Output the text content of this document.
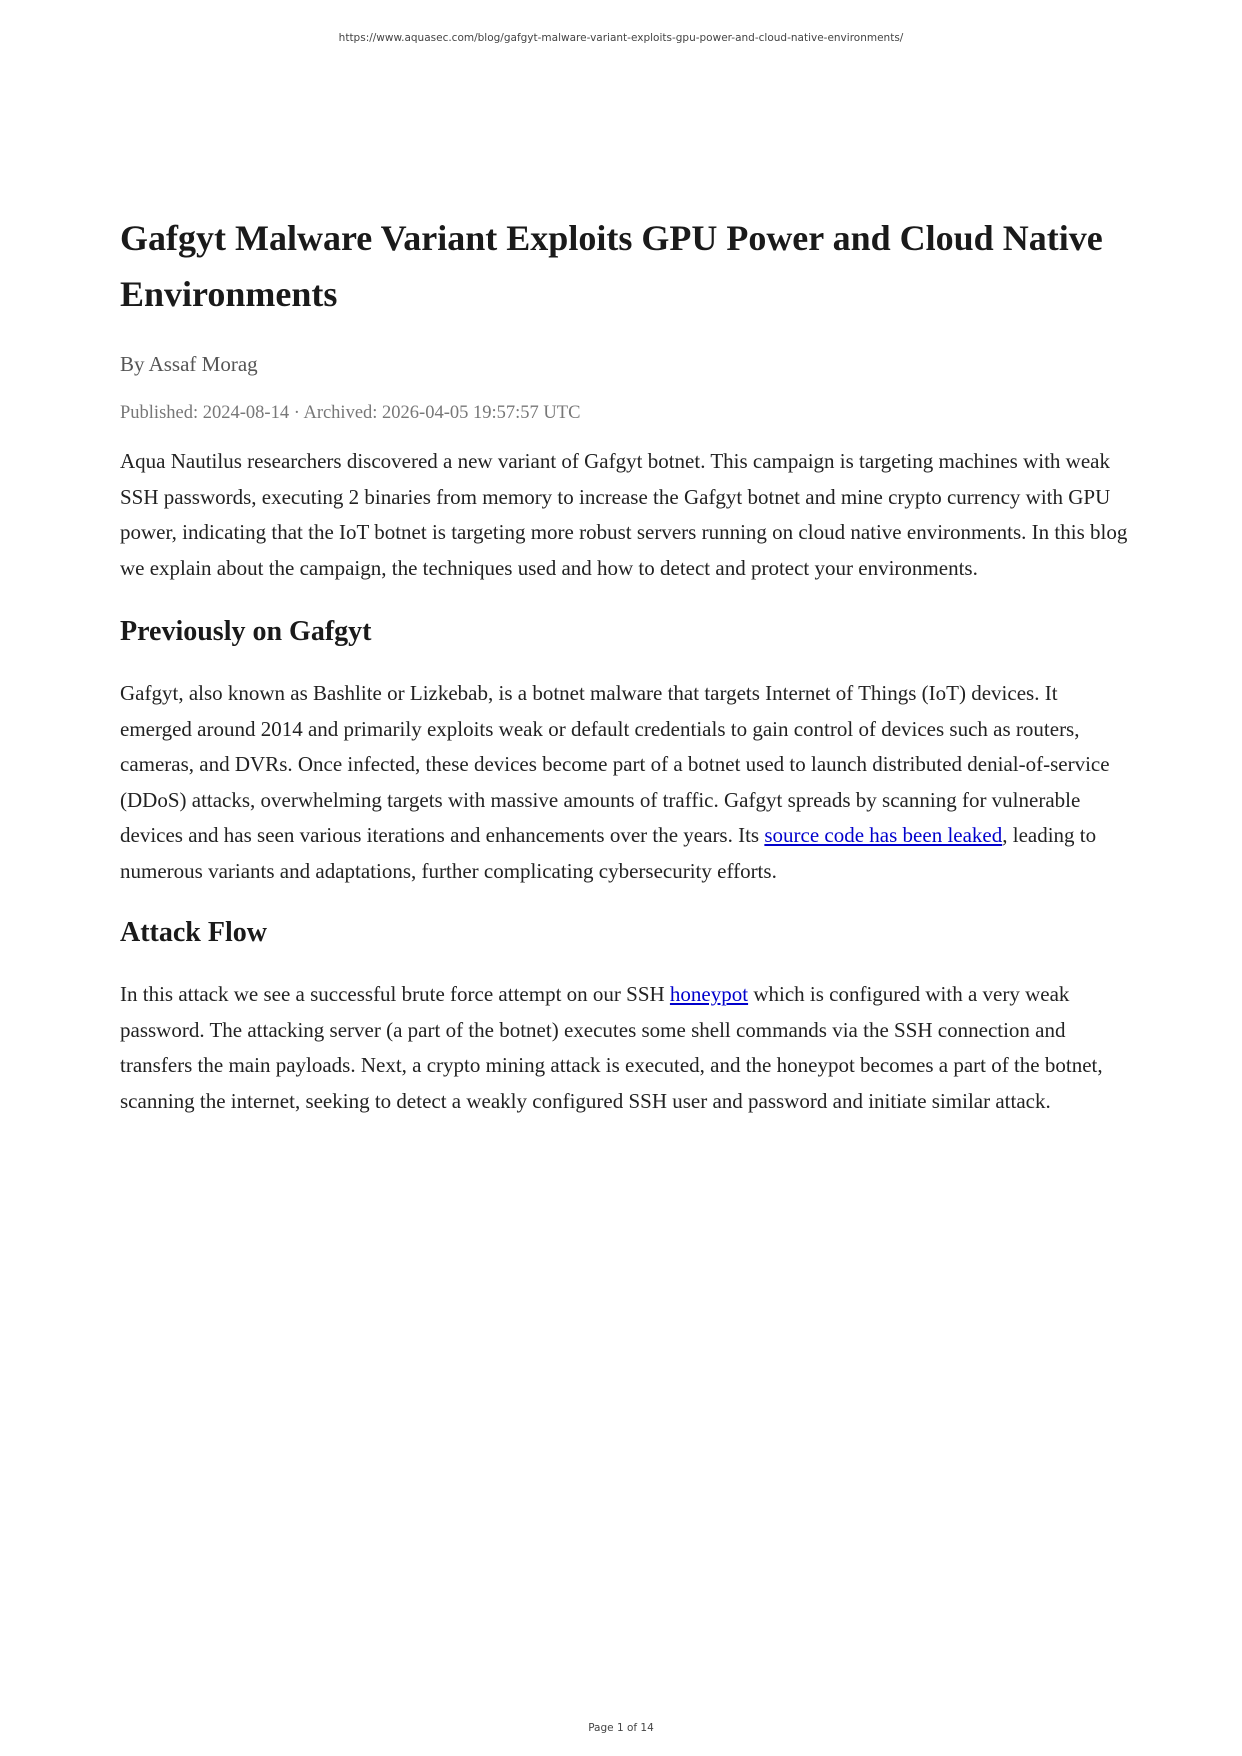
https://www.aquasec.com/blog/gafgyt-malware-variant-exploits-gpu-power-and-cloud-native-environments/
Gafgyt Malware Variant Exploits GPU Power and Cloud Native Environments
By Assaf Morag
Published: 2024-08-14 · Archived: 2026-04-05 19:57:57 UTC

Aqua Nautilus researchers discovered a new variant of Gafgyt botnet. This campaign is targeting machines with weak SSH passwords, executing 2 binaries from memory to increase the Gafgyt botnet and mine crypto currency with GPU power, indicating that the IoT botnet is targeting more robust servers running on cloud native environments. In this blog we explain about the campaign, the techniques used and how to detect and protect your environments.

Previously on Gafgyt

Gafgyt, also known as Bashlite or Lizkebab, is a botnet malware that targets Internet of Things (IoT) devices. It emerged around 2014 and primarily exploits weak or default credentials to gain control of devices such as routers, cameras, and DVRs. Once infected, these devices become part of a botnet used to launch distributed denial-of-service (DDoS) attacks, overwhelming targets with massive amounts of traffic. Gafgyt spreads by scanning for vulnerable devices and has seen various iterations and enhancements over the years. Its source code has been leaked, leading to numerous variants and adaptations, further complicating cybersecurity efforts.

Attack Flow

In this attack we see a successful brute force attempt on our SSH honeypot which is configured with a very weak password. The attacking server (a part of the botnet) executes some shell commands via the SSH connection and transfers the main payloads. Next, a crypto mining attack is executed, and the honeypot becomes a part of the botnet, scanning the internet, seeking to detect a weakly configured SSH user and password and initiate similar attack.

Page 1 of 14
